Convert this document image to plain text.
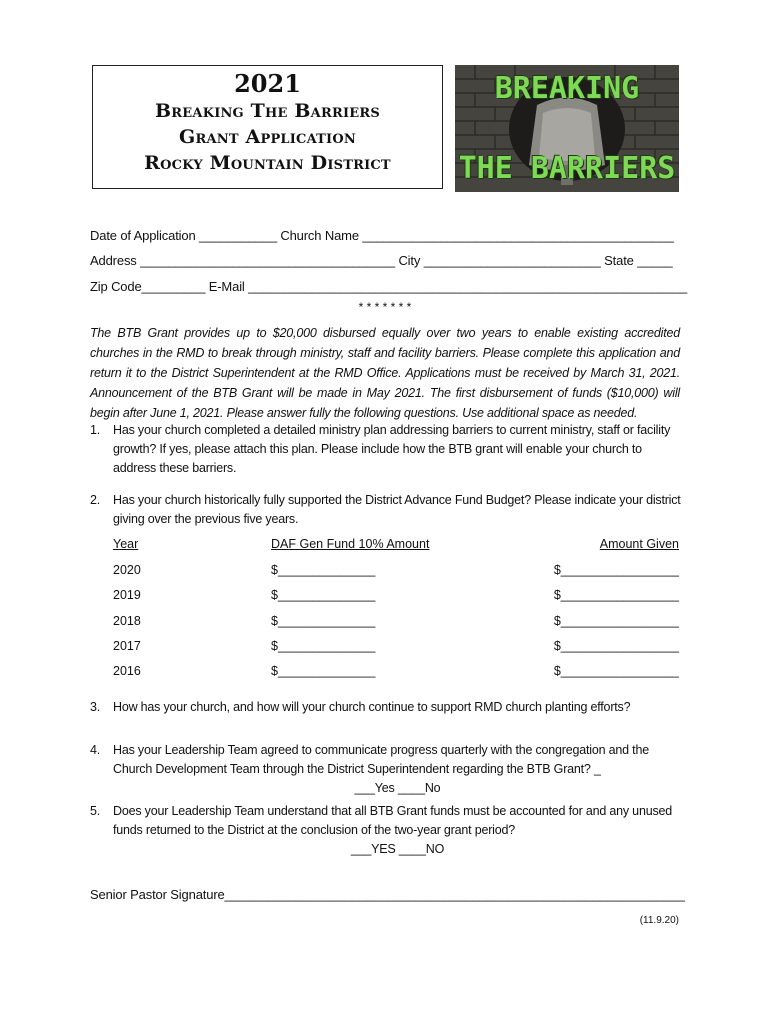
2021
Breaking The Barriers
Grant Application
Rocky Mountain District
BREAKING
THE BARRIERS
Date of Application ___________ Church Name ____________________________________________
Address ____________________________________ City _________________________ State _____
Zip Code_________ E-Mail ______________________________________________________________
* * * * * * *
The BTB Grant provides up to $20,000 disbursed equally over two years to enable existing accredited churches in the RMD to break through ministry, staff and facility barriers. Please complete this application and return it to the District Superintendent at the RMD Office. Applications must be received by March 31, 2021. Announcement of the BTB Grant will be made in May 2021. The first disbursement of funds ($10,000) will begin after June 1, 2021. Please answer fully the following questions. Use additional space as needed.
1. Has your church completed a detailed ministry plan addressing barriers to current ministry, staff or facility growth? If yes, please attach this plan. Please include how the BTB grant will enable your church to address these barriers.
2. Has your church historically fully supported the District Advance Fund Budget? Please indicate your district giving over the previous five years.
Year	DAF Gen Fund 10% Amount	Amount Given
2020	$______________	$_________________
2019	$______________	$_________________
2018	$______________	$_________________
2017	$______________	$_________________
2016	$______________	$_________________
3. How has your church, and how will your church continue to support RMD church planting efforts?
4. Has your Leadership Team agreed to communicate progress quarterly with the congregation and the Church Development Team through the District Superintendent regarding the BTB Grant? _
___Yes ____No
5. Does your Leadership Team understand that all BTB Grant funds must be accounted for and any unused funds returned to the District at the conclusion of the two-year grant period?
___YES ____NO
Senior Pastor Signature_________________________________________________________________
(11.9.20)
